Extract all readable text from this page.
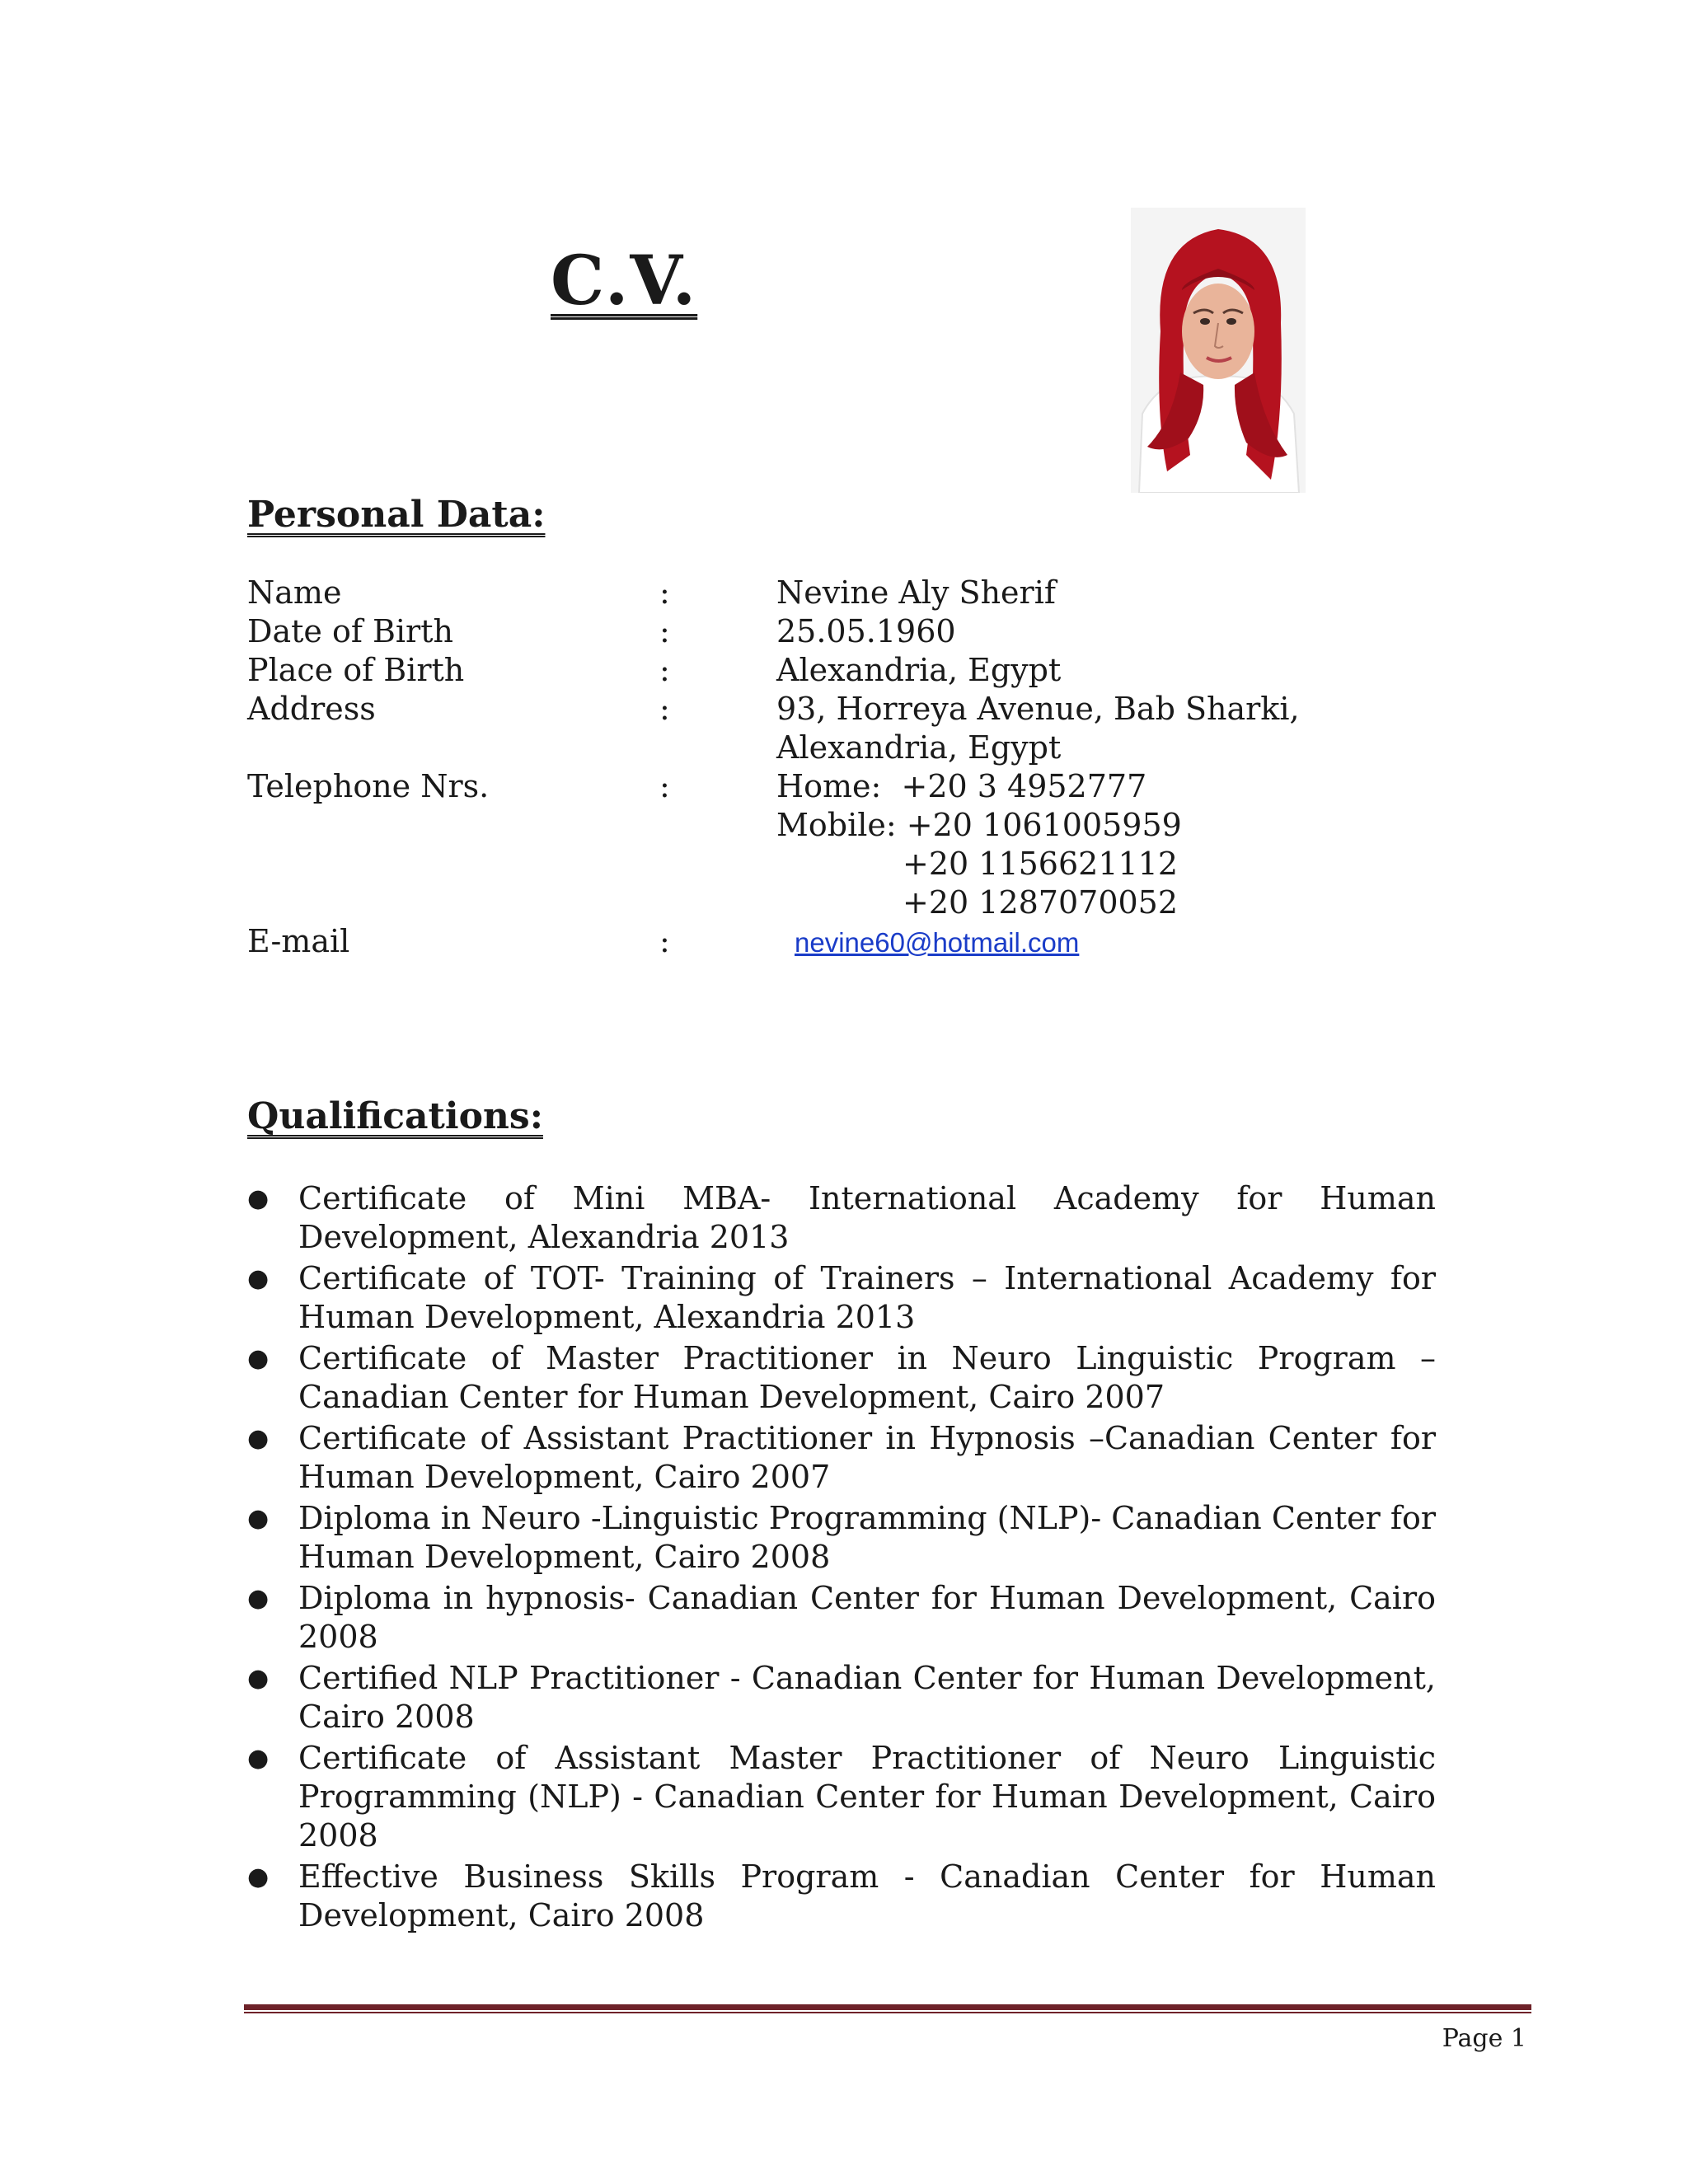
C.V.
Personal Data:
Name	:	Nevine Aly Sherif
Date of Birth	:	25.05.1960
Place of Birth	:	Alexandria, Egypt
Address	:	93, Horreya Avenue, Bab Sharki,
Alexandria, Egypt
Telephone Nrs.	:	Home:  +20 3 4952777
Mobile: +20 1061005959
+20 1156621112
+20 1287070052
E-mail	:	nevine60@hotmail.com
Qualifications:
● Certificate of Mini MBA- International Academy for Human Development, Alexandria 2013
● Certificate of TOT- Training of Trainers – International Academy for Human Development, Alexandria 2013
● Certificate of Master Practitioner in Neuro Linguistic Program – Canadian Center for Human Development, Cairo 2007
● Certificate of Assistant Practitioner in Hypnosis –Canadian Center for Human Development, Cairo 2007
● Diploma in Neuro -Linguistic Programming (NLP)- Canadian Center for Human Development, Cairo 2008
● Diploma in hypnosis- Canadian Center for Human Development, Cairo 2008
● Certified NLP Practitioner - Canadian Center for Human Development, Cairo 2008
● Certificate of Assistant Master Practitioner of Neuro Linguistic Programming (NLP) - Canadian Center for Human Development, Cairo 2008
● Effective Business Skills Program - Canadian Center for Human Development, Cairo 2008
Page 1
